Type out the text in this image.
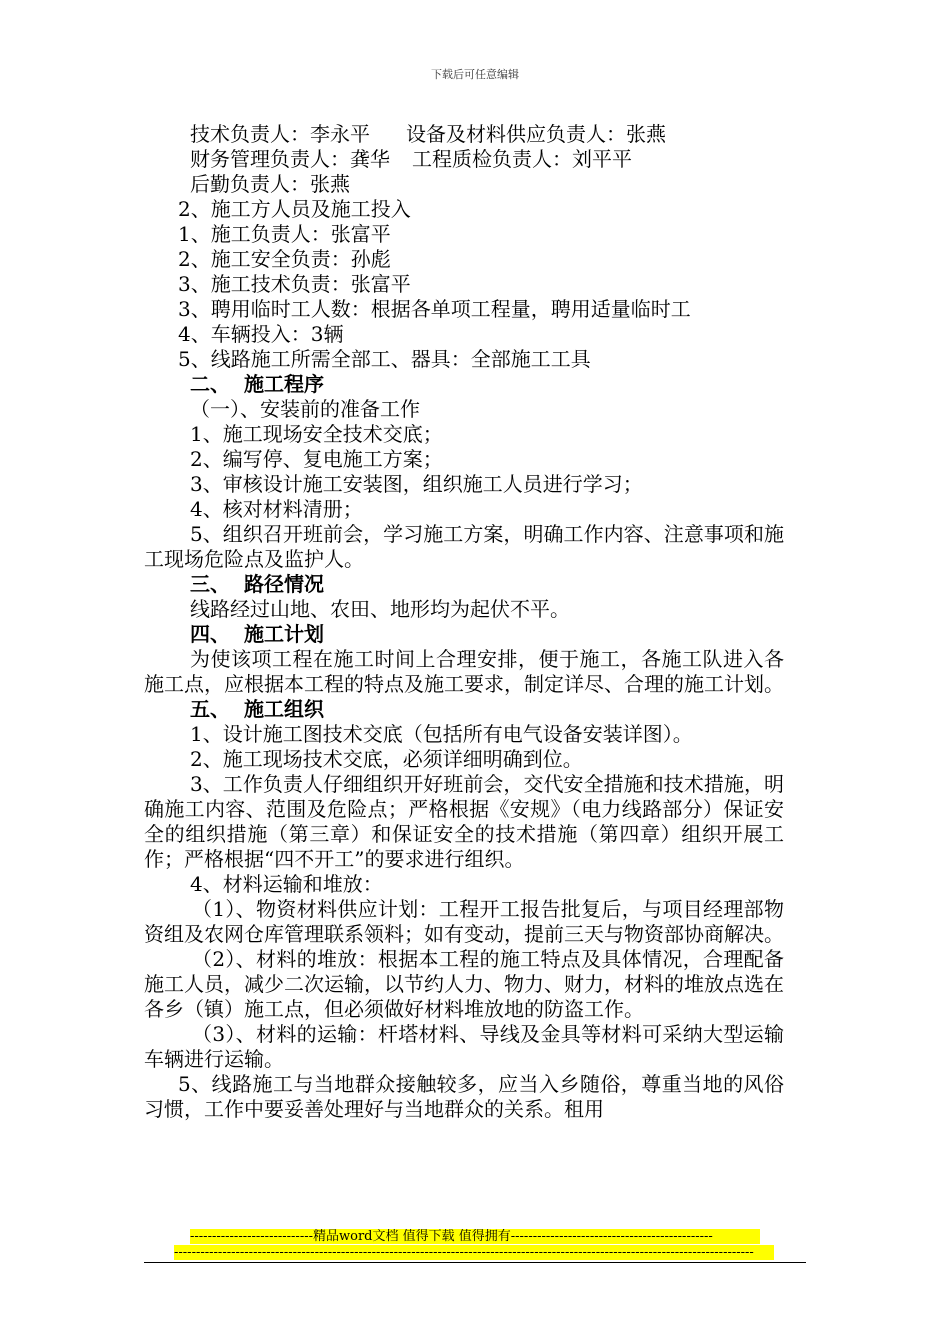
下载后可任意编辑
技术负责人：李永平 设备及材料供应负责人：张燕
财务管理负责人：龚华 工程质检负责人：刘平平
后勤负责人：张燕
2、施工方人员及施工投入
1、施工负责人：张富平
2、施工安全负责：孙彪
3、施工技术负责：张富平
3、聘用临时工人数：根据各单项工程量，聘用适量临时工
4、车辆投入：3辆
5、线路施工所需全部工、器具：全部施工工具
二、 施工程序
（一）、安装前的准备工作
1、施工现场安全技术交底；
2、编写停、复电施工方案；
3、审核设计施工安装图，组织施工人员进行学习；
4、核对材料清册；
5、组织召开班前会，学习施工方案，明确工作内容、注意事项和施工现场危险点及监护人。
三、 路径情况
线路经过山地、农田、地形均为起伏不平。
四、 施工计划
为使该项工程在施工时间上合理安排，便于施工，各施工队进入各施工点，应根据本工程的特点及施工要求，制定详尽、合理的施工计划。
五、 施工组织
1、设计施工图技术交底（包括所有电气设备安装详图）。
2、施工现场技术交底，必须详细明确到位。
3、工作负责人仔细组织开好班前会，交代安全措施和技术措施，明确施工内容、范围及危险点；严格根据《安规》（电力线路部分）保证安全的组织措施（第三章）和保证安全的技术措施（第四章）组织开展工作；严格根据“四不开工”的要求进行组织。
4、材料运输和堆放：
（1）、物资材料供应计划：工程开工报告批复后，与项目经理部物资组及农网仓库管理联系领料；如有变动，提前三天与物资部协商解决。
（2）、材料的堆放：根据本工程的施工特点及具体情况，合理配备施工人员，减少二次运输，以节约人力、物力、财力，材料的堆放点选在各乡（镇）施工点，但必须做好材料堆放地的防盗工作。
（3）、材料的运输：杆塔材料、导线及金具等材料可采纳大型运输车辆进行运输。
5、线路施工与当地群众接触较多，应当入乡随俗，尊重当地的风俗习惯，工作中要妥善处理好与当地群众的关系。租用
----------------------------精品word文档 值得下载 值得拥有----------------------------------------------
------------------------------------------------------------------------------------------------------------------------------------
